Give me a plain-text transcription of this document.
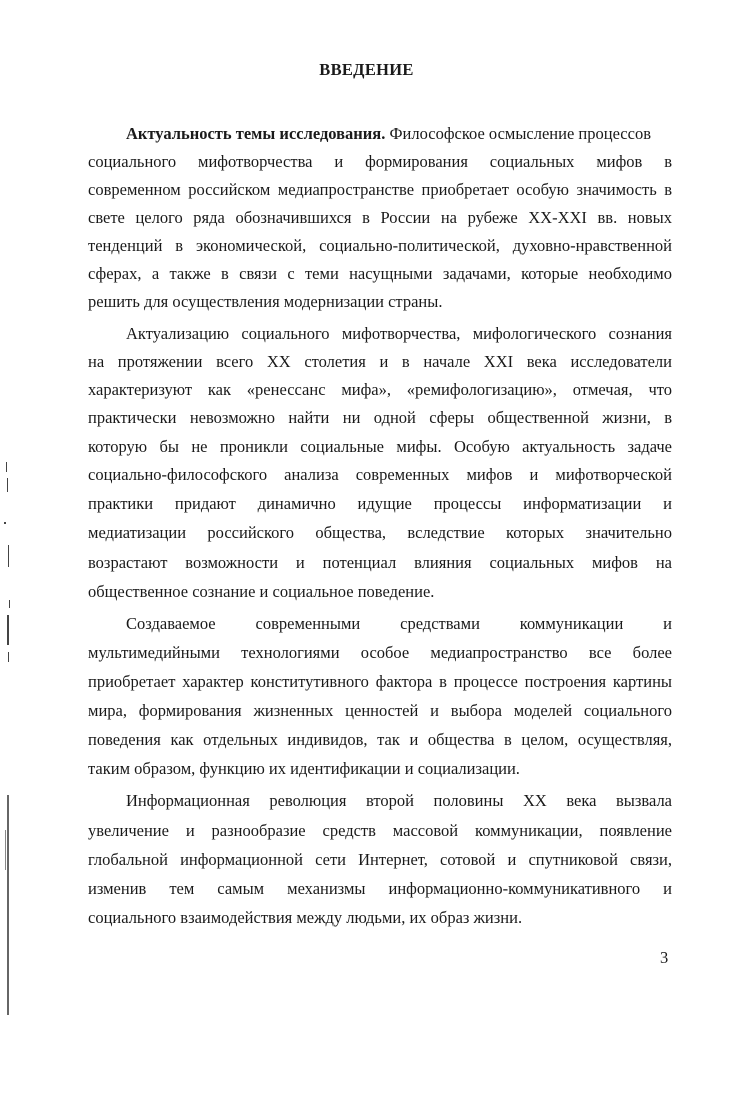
ВВЕДЕНИЕ
Актуальность темы исследования. Философское осмысление процессов
социального мифотворчества и формирования социальных мифов в
современном российском медиапространстве приобретает особую значимость в
свете целого ряда обозначившихся в России на рубеже XX-XXI вв. новых
тенденций в экономической, социально-политической, духовно-нравственной
сферах, а также в связи с теми насущными задачами, которые необходимо
решить для осуществления модернизации страны.
Актуализацию социального мифотворчества, мифологического сознания
на протяжении всего XX столетия и в начале XXI века исследователи
характеризуют как «ренессанс мифа», «ремифологизацию», отмечая, что
практически невозможно найти ни одной сферы общественной жизни, в
которую бы не проникли социальные мифы. Особую актуальность задаче
социально-философского анализа современных мифов и мифотворческой
практики придают динамично идущие процессы информатизации и
медиатизации российского общества, вследствие которых значительно
возрастают возможности и потенциал влияния социальных мифов на
общественное сознание и социальное поведение.
Создаваемое современными средствами коммуникации и
мультимедийными технологиями особое медиапространство все более
приобретает характер конститутивного фактора в процессе построения картины
мира, формирования жизненных ценностей и выбора моделей социального
поведения как отдельных индивидов, так и общества в целом, осуществляя,
таким образом, функцию их идентификации и социализации.
Информационная революция второй половины XX века вызвала
увеличение и разнообразие средств массовой коммуникации, появление
глобальной информационной сети Интернет, сотовой и спутниковой связи,
изменив тем самым механизмы информационно-коммуникативного и
социального взаимодействия между людьми, их образ жизни.
3
